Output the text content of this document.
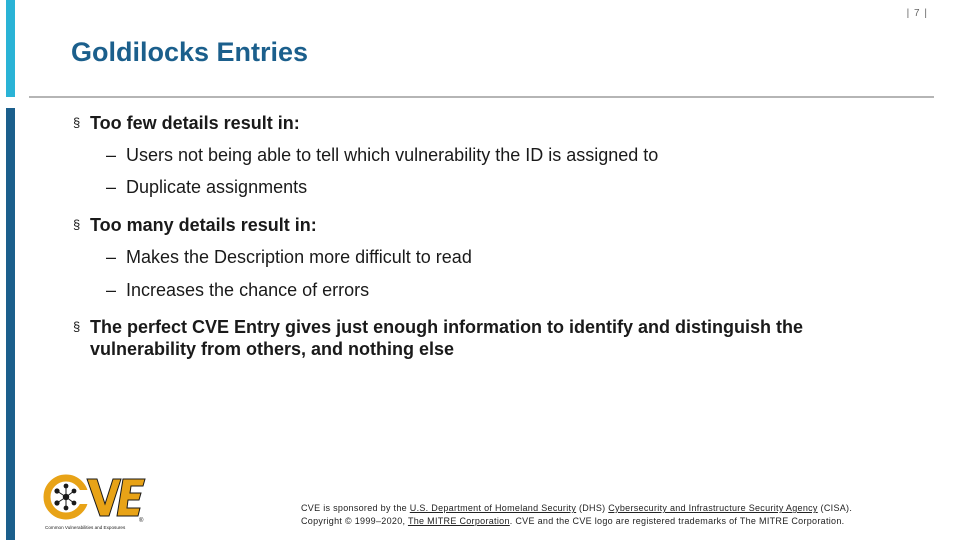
| 7 |
Goldilocks Entries
§ Too few details result in:
– Users not being able to tell which vulnerability the ID is assigned to
– Duplicate assignments
§ Too many details result in:
– Makes the Description more difficult to read
– Increases the chance of errors
§ The perfect CVE Entry gives just enough information to identify and distinguish the vulnerability from others, and nothing else
®
Common Vulnerabilities and Exposures
CVE is sponsored by the U.S. Department of Homeland Security (DHS) Cybersecurity and Infrastructure Security Agency (CISA).
Copyright © 1999–2020, The MITRE Corporation. CVE and the CVE logo are registered trademarks of The MITRE Corporation.
